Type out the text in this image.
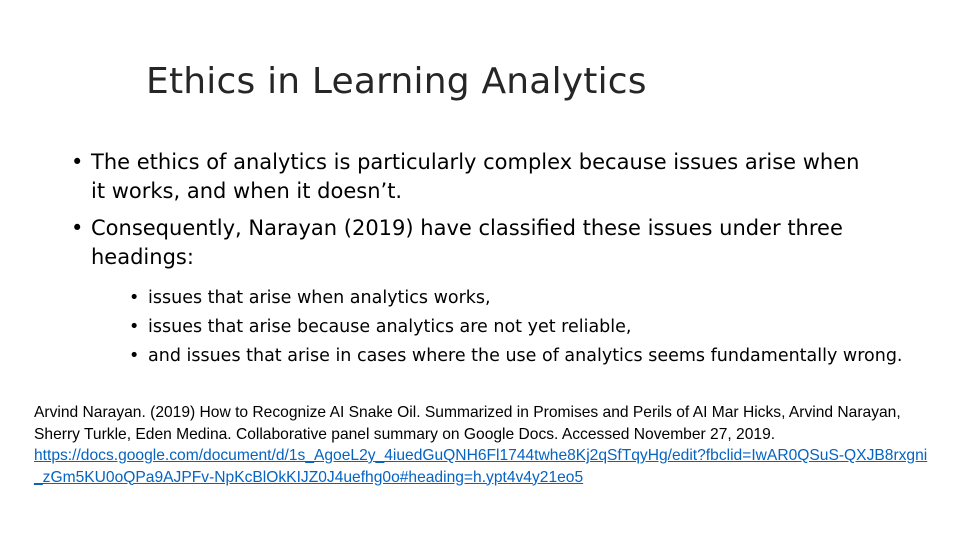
Ethics in Learning Analytics
• The ethics of analytics is particularly complex because issues arise when it works, and when it doesn’t.
• Consequently, Narayan (2019) have classified these issues under three headings:
• issues that arise when analytics works,
• issues that arise because analytics are not yet reliable,
• and issues that arise in cases where the use of analytics seems fundamentally wrong.
Arvind Narayan. (2019) How to Recognize AI Snake Oil. Summarized in Promises and Perils of AI Mar Hicks, Arvind Narayan, Sherry Turkle, Eden Medina. Collaborative panel summary on Google Docs. Accessed November 27, 2019.
https://docs.google.com/document/d/1s_AgoeL2y_4iuedGuQNH6Fl1744twhe8Kj2qSfTqyHg/edit?fbclid=IwAR0QSuS-QXJB8rxgni_zGm5KU0oQPa9AJPFv-NpKcBlOkKIJZ0J4uefhg0o#heading=h.ypt4v4y21eo5
